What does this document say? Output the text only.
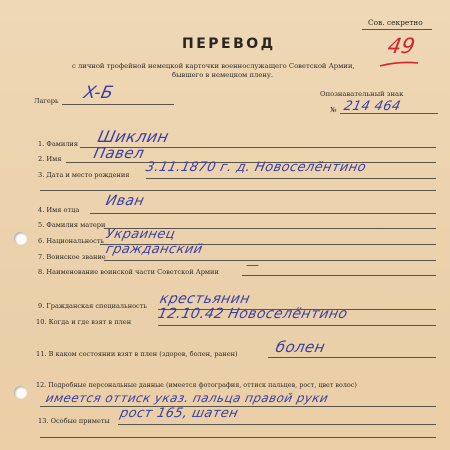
Сов. секретно
49
ПЕРЕВОД
с личной трофейной немецкой карточки военнослужащего Советской Армии,
бывшего в немецком плену.
Лагерь X-Б	Опознавательный знак
№ 214 464
1. Фамилия Шиклин
2. Имя Павел
3. Дата и место рождения 3.11.1870 г. д. Новоселёнтино
4. Имя отца
Иван
5. Фамилия матери
6. Национальность Украинец
7. Воинское звание
гражданский
8. Наименование воинской части Советской Армии —
9. Гражданская специальность крестьянин
10. Когда и где взят в плен 12.10.42 Новоселёнтино
11. В каком состоянии взят в плен (здоров, болен, ранен) болен
12. Подробные персональные данные (имеется фотография, оттиск пальцев, рост, цвет волос)
имеется оттиск указ. пальца правой руки
13. Особые приметы рост 165, шатен
